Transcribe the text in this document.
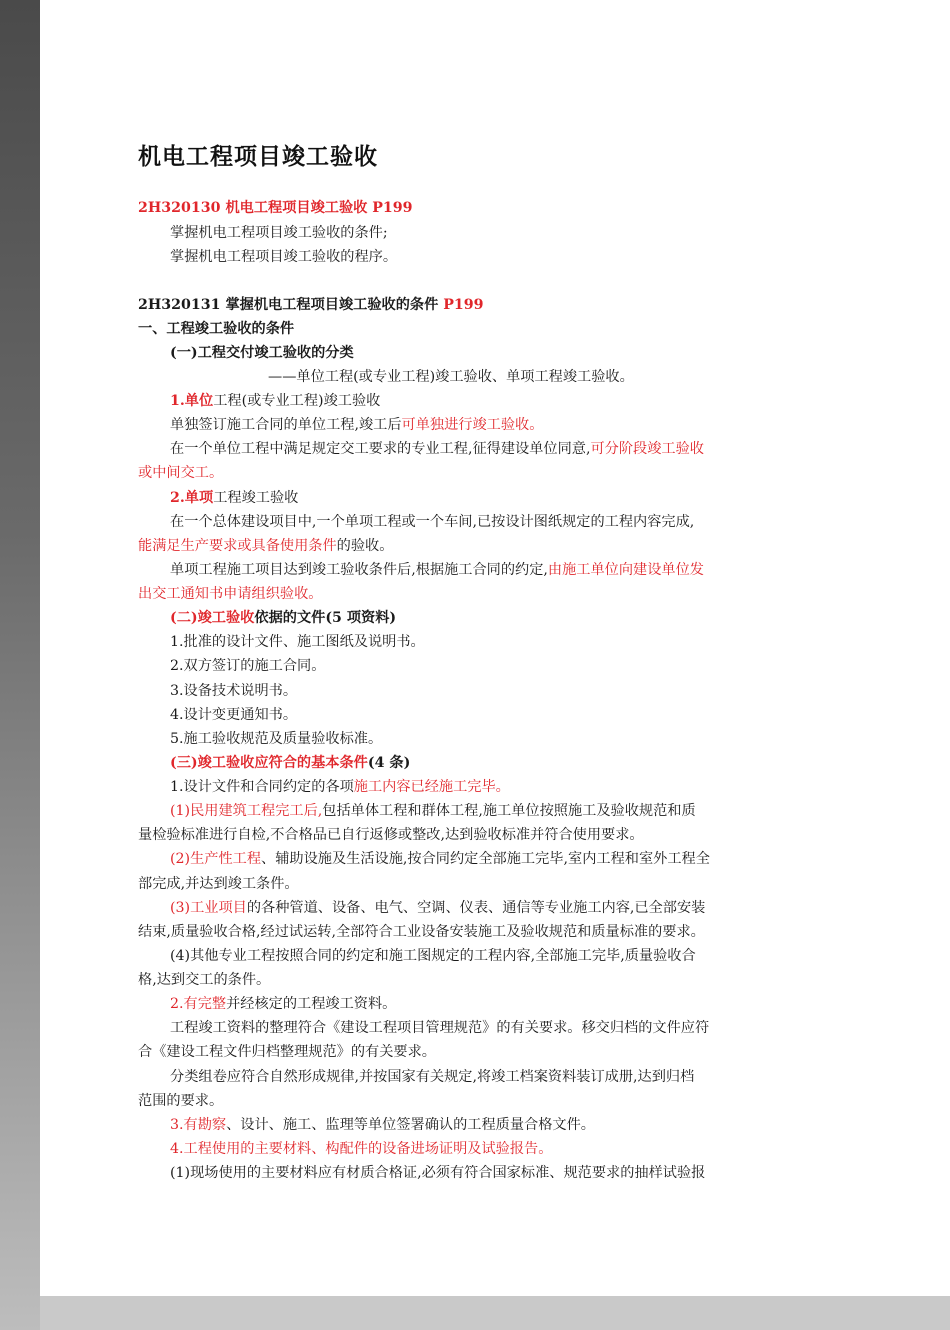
机电工程项目竣工验收
2H320130 机电工程项目竣工验收 P199
掌握机电工程项目竣工验收的条件;
掌握机电工程项目竣工验收的程序。
2H320131 掌握机电工程项目竣工验收的条件 P199
一、工程竣工验收的条件
(一)工程交付竣工验收的分类
——单位工程(或专业工程)竣工验收、单项工程竣工验收。
1.单位工程(或专业工程)竣工验收
单独签订施工合同的单位工程,竣工后可单独进行竣工验收。
在一个单位工程中满足规定交工要求的专业工程,征得建设单位同意,可分阶段竣工验收
或中间交工。
2.单项工程竣工验收
在一个总体建设项目中,一个单项工程或一个车间,已按设计图纸规定的工程内容完成,
能满足生产要求或具备使用条件的验收。
单项工程施工项目达到竣工验收条件后,根据施工合同的约定,由施工单位向建设单位发
出交工通知书申请组织验收。
(二)竣工验收依据的文件(5 项资料)
1.批准的设计文件、施工图纸及说明书。
2.双方签订的施工合同。
3.设备技术说明书。
4.设计变更通知书。
5.施工验收规范及质量验收标准。
(三)竣工验收应符合的基本条件(4 条)
1.设计文件和合同约定的各项施工内容已经施工完毕。
(1)民用建筑工程完工后,包括单体工程和群体工程,施工单位按照施工及验收规范和质
量检验标准进行自检,不合格品已自行返修或整改,达到验收标准并符合使用要求。
(2)生产性工程、辅助设施及生活设施,按合同约定全部施工完毕,室内工程和室外工程全
部完成,并达到竣工条件。
(3)工业项目的各种管道、设备、电气、空调、仪表、通信等专业施工内容,已全部安装
结束,质量验收合格,经过试运转,全部符合工业设备安装施工及验收规范和质量标准的要求。
(4)其他专业工程按照合同的约定和施工图规定的工程内容,全部施工完毕,质量验收合
格,达到交工的条件。
2.有完整并经核定的工程竣工资料。
工程竣工资料的整理符合《建设工程项目管理规范》的有关要求。移交归档的文件应符
合《建设工程文件归档整理规范》的有关要求。
分类组卷应符合自然形成规律,并按国家有关规定,将竣工档案资料装订成册,达到归档
范围的要求。
3.有勘察、设计、施工、监理等单位签署确认的工程质量合格文件。
4.工程使用的主要材料、构配件的设备进场证明及试验报告。
(1)现场使用的主要材料应有材质合格证,必须有符合国家标准、规范要求的抽样试验报
